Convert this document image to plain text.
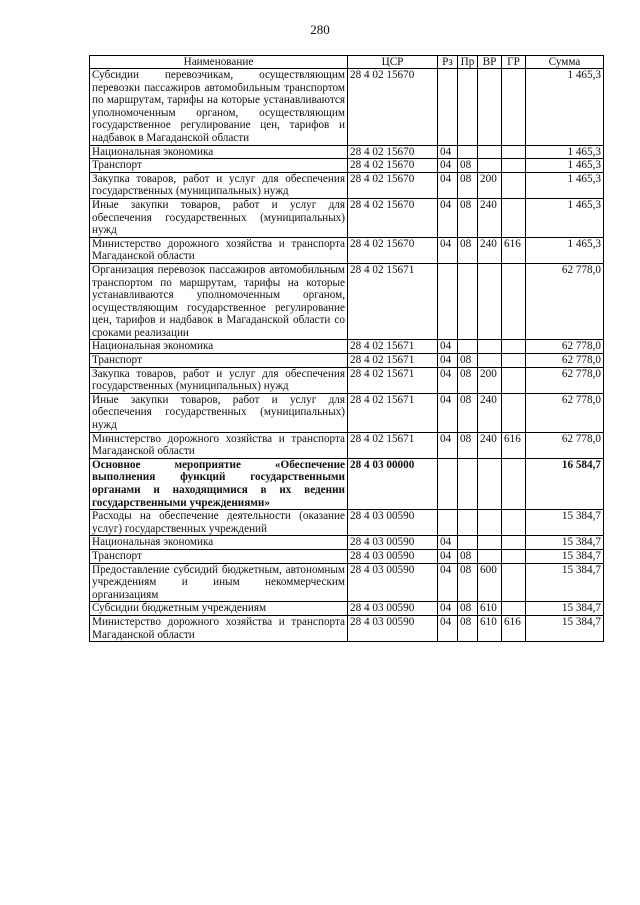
280
Наименование	ЦСР	Рз	Пр	ВР	ГР	Сумма
Субсидии перевозчикам, осуществляющим перевозки пассажиров автомобильным транспортом по маршрутам, тарифы на которые устанавливаются уполномоченным органом, осуществляющим государственное регулирование цен, тарифов и надбавок в Магаданской области	28 4 02 15670					1 465,3
Национальная экономика	28 4 02 15670	04				1 465,3
Транспорт	28 4 02 15670	04	08			1 465,3
Закупка товаров, работ и услуг для обеспечения государственных (муниципальных) нужд	28 4 02 15670	04	08	200		1 465,3
Иные закупки товаров, работ и услуг для обеспечения государственных (муниципальных) нужд	28 4 02 15670	04	08	240		1 465,3
Министерство дорожного хозяйства и транспорта Магаданской области	28 4 02 15670	04	08	240	616	1 465,3
Организация перевозок пассажиров автомобильным транспортом по маршрутам, тарифы на которые устанавливаются уполномоченным органом, осуществляющим государственное регулирование цен, тарифов и надбавок в Магаданской области со сроками реализации	28 4 02 15671					62 778,0
Национальная экономика	28 4 02 15671	04				62 778,0
Транспорт	28 4 02 15671	04	08			62 778,0
Закупка товаров, работ и услуг для обеспечения государственных (муниципальных) нужд	28 4 02 15671	04	08	200		62 778,0
Иные закупки товаров, работ и услуг для обеспечения государственных (муниципальных) нужд	28 4 02 15671	04	08	240		62 778,0
Министерство дорожного хозяйства и транспорта Магаданской области	28 4 02 15671	04	08	240	616	62 778,0
Основное мероприятие «Обеспечение выполнения функций государственными органами и находящимися в их ведении государственными учреждениями»	28 4 03 00000					16 584,7
Расходы на обеспечение деятельности (оказание услуг) государственных учреждений	28 4 03 00590					15 384,7
Национальная экономика	28 4 03 00590	04				15 384,7
Транспорт	28 4 03 00590	04	08			15 384,7
Предоставление субсидий бюджетным, автономным учреждениям и иным некоммерческим организациям	28 4 03 00590	04	08	600		15 384,7
Субсидии бюджетным учреждениям	28 4 03 00590	04	08	610		15 384,7
Министерство дорожного хозяйства и транспорта Магаданской области	28 4 03 00590	04	08	610	616	15 384,7
